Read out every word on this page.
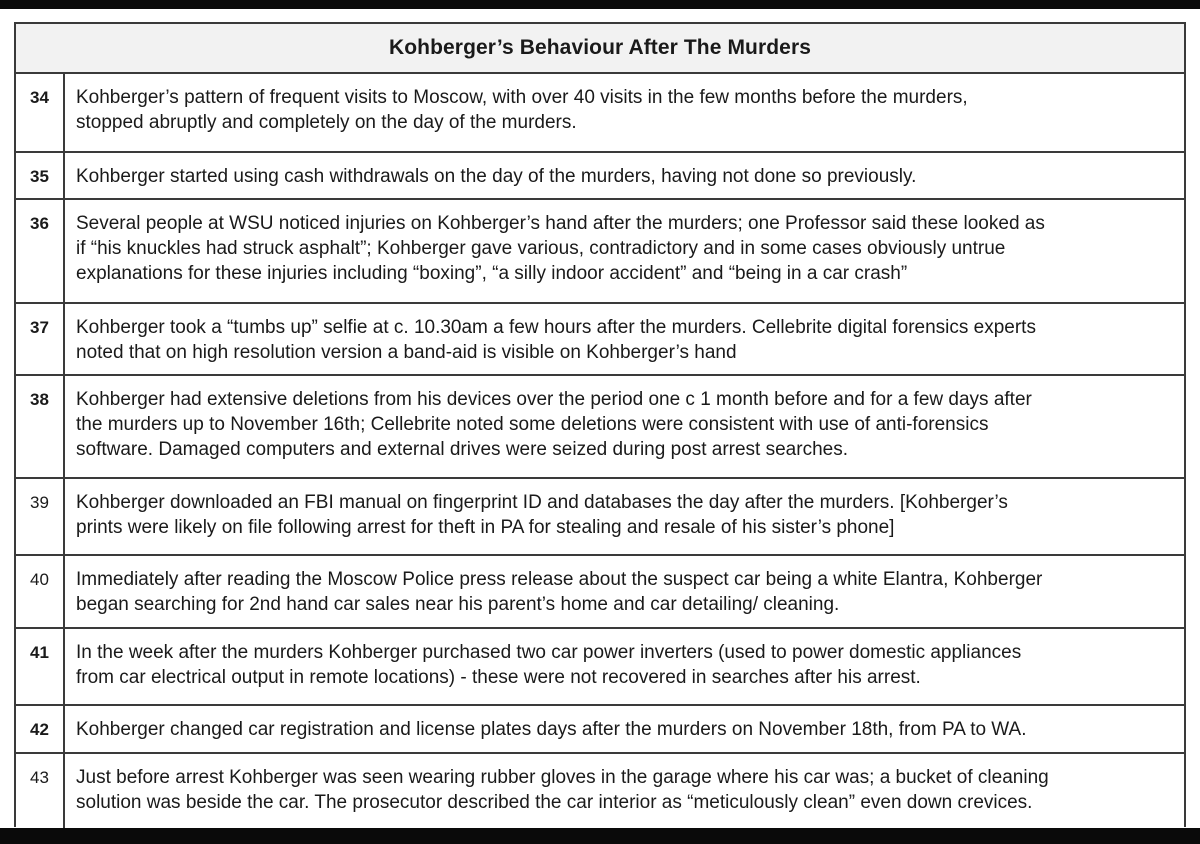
Kohberger’s Behaviour After The Murders
34	Kohberger’s pattern of frequent visits to Moscow, with over 40 visits in the few months before the murders,
stopped abruptly and completely on the day of the murders.
35	Kohberger started using cash withdrawals on the day of the murders, having not done so previously.
36	Several people at WSU noticed injuries on Kohberger’s hand after the murders; one Professor said these looked as
if “his knuckles had struck asphalt”; Kohberger gave various, contradictory and in some cases obviously untrue
explanations for these injuries including “boxing”, “a silly indoor accident” and “being in a car crash”
37	Kohberger took a “tumbs up” selfie at c. 10.30am a few hours after the murders. Cellebrite digital forensics experts
noted that on high resolution version a band-aid is visible on Kohberger’s hand
38	Kohberger had extensive deletions from his devices over the period one c 1 month before and for a few days after
the murders up to November 16th; Cellebrite noted some deletions were consistent with use of anti-forensics
software. Damaged computers and external drives were seized during post arrest searches.
39	Kohberger downloaded an FBI manual on fingerprint ID and databases the day after the murders. [Kohberger’s
prints were likely on file following arrest for theft in PA for stealing and resale of his sister’s phone]
40	Immediately after reading the Moscow Police press release about the suspect car being a white Elantra, Kohberger
began searching for 2nd hand car sales near his parent’s home and car detailing/ cleaning.
41	In the week after the murders Kohberger purchased two car power inverters (used to power domestic appliances
from car electrical output in remote locations) - these were not recovered in searches after his arrest.
42	Kohberger changed car registration and license plates days after the murders on November 18th, from PA to WA.
43	Just before arrest Kohberger was seen wearing rubber gloves in the garage where his car was; a bucket of cleaning
solution was beside the car. The prosecutor described the car interior as “meticulously clean” even down crevices.
